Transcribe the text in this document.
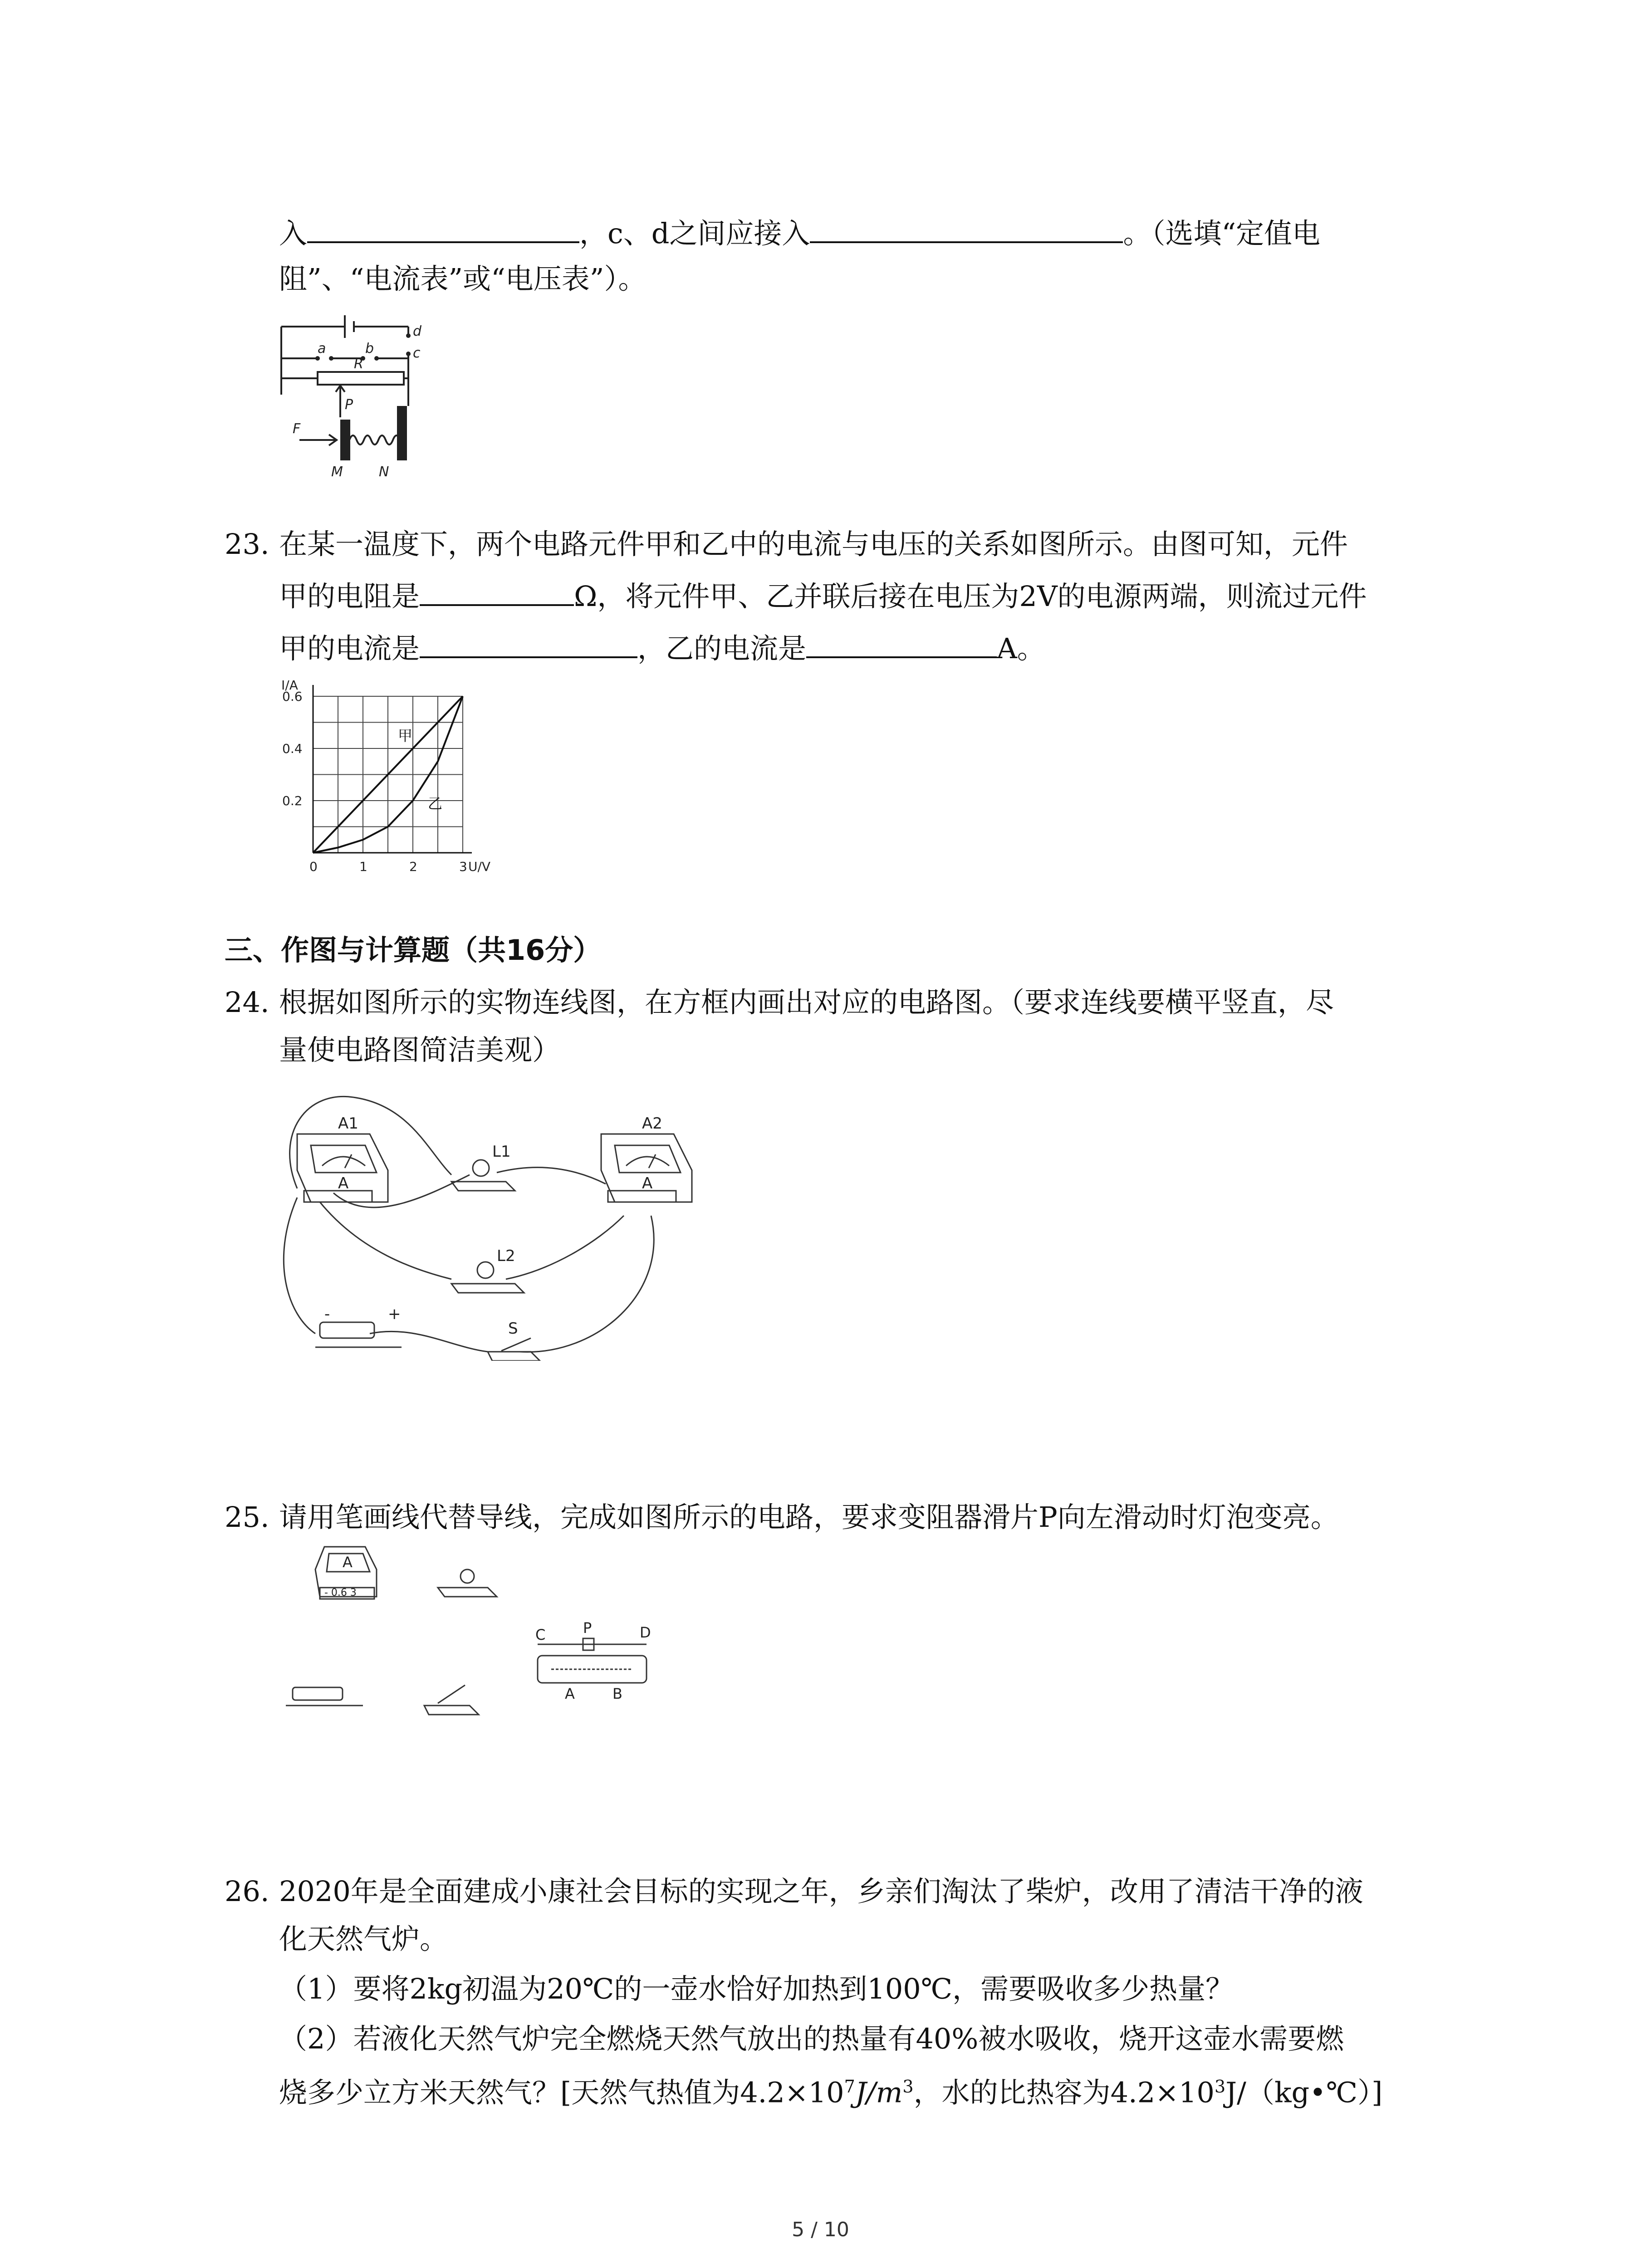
入	，c、d之间应接入	。（选填“定值电
阻”、“电流表”或“电压表”）。
a	b	c
d
R
P
F
M	N
23. 在某一温度下，两个电路元件甲和乙中的电流与电压的关系如图所示。由图可知，元件
甲的电阻是	Ω，将元件甲、乙并联后接在电压为2V的电源两端，则流过元件
甲的电流是	，乙的电流是	A。
0	1	2	3
0.2
0.4
0.6
U/V
I/A
甲
乙
三、作图与计算题（共16分）
24. 根据如图所示的实物连线图，在方框内画出对应的电路图。（要求连线要横平竖直，尽
量使电路图简洁美观）
A1	A2
L1
L2
S
A	A
-	+
25. 请用笔画线代替导线，完成如图所示的电路，要求变阻器滑片P向左滑动时灯泡变亮。
A
- 0.6 3
C	P	D
A	B
26. 2020年是全面建成小康社会目标的实现之年，乡亲们淘汰了柴炉，改用了清洁干净的液
化天然气炉。
（1）要将2kg初温为20℃的一壶水恰好加热到100℃，需要吸收多少热量？
（2）若液化天然气炉完全燃烧天然气放出的热量有40%被水吸收，烧开这壶水需要燃
烧多少立方米天然气？[天然气热值为$4.2\times 10^7J/m^3$，水的比热容为$4.2\times 10^3J/(kg•℃)$]
5 / 10
